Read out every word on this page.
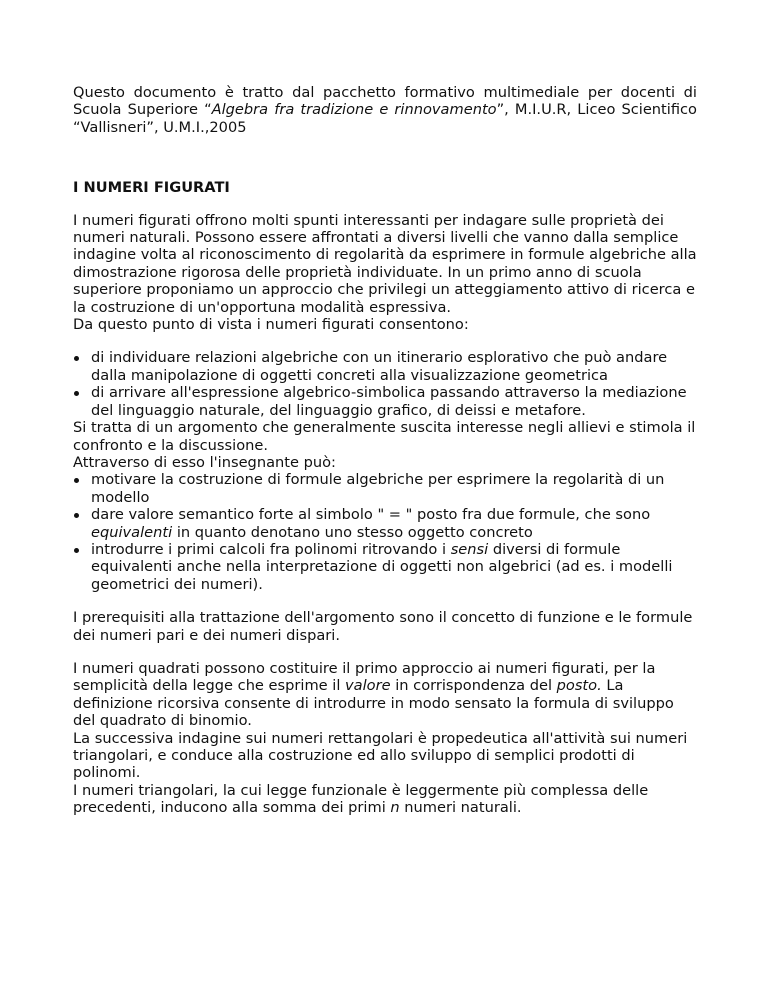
Questo documento è tratto dal pacchetto formativo multimediale per docenti di Scuola Superiore “Algebra fra tradizione e rinnovamento”, M.I.U.R, Liceo Scientifico “Vallisneri”, U.M.I.,2005

I NUMERI FIGURATI

I numeri figurati offrono molti spunti interessanti per indagare sulle proprietà dei numeri naturali. Possono essere affrontati a diversi livelli che vanno dalla semplice indagine volta al riconoscimento di regolarità da esprimere in formule algebriche alla dimostrazione rigorosa delle proprietà individuate. In un primo anno di scuola superiore proponiamo un approccio che privilegi un atteggiamento attivo di ricerca e la costruzione di un'opportuna modalità espressiva.

Da questo punto di vista i numeri figurati consentono:

di individuare relazioni algebriche con un itinerario esplorativo che può andare dalla manipolazione di oggetti concreti alla visualizzazione geometrica
di arrivare all'espressione algebrico-simbolica passando attraverso la mediazione del linguaggio naturale, del linguaggio grafico, di deissi e metafore.

Si tratta di un argomento che generalmente suscita interesse negli allievi e stimola il confronto e la discussione.

Attraverso di esso l'insegnante può:

motivare la costruzione di formule algebriche per esprimere la regolarità di un modello
dare valore semantico forte al simbolo " = " posto fra due formule, che sono equivalenti in quanto denotano uno stesso oggetto concreto
introdurre i primi calcoli fra polinomi ritrovando i sensi diversi di formule equivalenti anche nella interpretazione di oggetti non algebrici (ad es. i modelli geometrici dei numeri).

I prerequisiti alla trattazione dell'argomento sono il concetto di funzione e le formule dei numeri pari e dei numeri dispari.

I numeri quadrati possono costituire il primo approccio ai numeri figurati, per la semplicità della legge che esprime il valore in corrispondenza del posto. La definizione ricorsiva consente di introdurre in modo sensato la formula di sviluppo del quadrato di binomio.

La successiva indagine sui numeri rettangolari è propedeutica all'attività sui numeri triangolari, e conduce alla costruzione ed allo sviluppo di semplici prodotti di polinomi.

I numeri triangolari, la cui legge funzionale è leggermente più complessa delle precedenti, inducono alla somma dei primi n numeri naturali.
